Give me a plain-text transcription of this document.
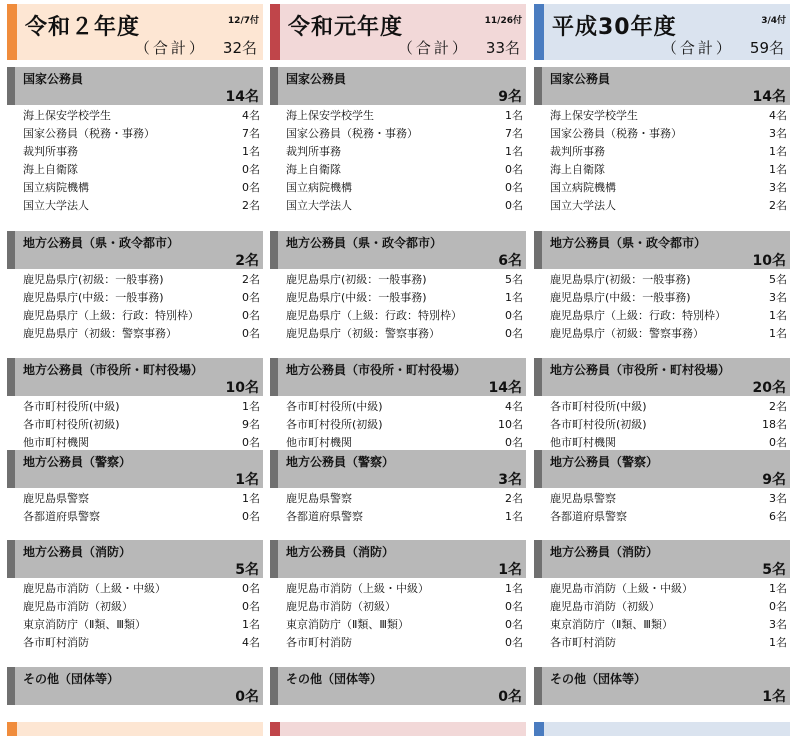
令和２年度	12/7付
（合計） 32名
国家公務員
14名
海上保安学校学生	4名
国家公務員（税務・事務）	7名
裁判所事務	1名
海上自衛隊	0名
国立病院機構	0名
国立大学法人	2名
地方公務員（県・政令都市）
2名
鹿児島県庁(初級：一般事務)	2名
鹿児島県庁(中級：一般事務)	0名
鹿児島県庁（上級：行政：特別枠）	0名
鹿児島県庁（初級：警察事務）	0名
地方公務員（市役所・町村役場）
10名
各市町村役所(中級)	1名
各市町村役所(初級)	9名
他市町村機関	0名
地方公務員（警察）
1名
鹿児島県警察	1名
各都道府県警察	0名
地方公務員（消防）
5名
鹿児島市消防（上級・中級）	0名
鹿児島市消防（初級）	0名
東京消防庁（Ⅱ類、Ⅲ類）	1名
各市町村消防	4名
その他（団体等）
0名
令和元年度	11/26付
（合計） 33名
国家公務員
9名
海上保安学校学生	1名
国家公務員（税務・事務）	7名
裁判所事務	1名
海上自衛隊	0名
国立病院機構	0名
国立大学法人	0名
地方公務員（県・政令都市）
6名
鹿児島県庁(初級：一般事務)	5名
鹿児島県庁(中級：一般事務)	1名
鹿児島県庁（上級：行政：特別枠）	0名
鹿児島県庁（初級：警察事務）	0名
地方公務員（市役所・町村役場）
14名
各市町村役所(中級)	4名
各市町村役所(初級)	10名
他市町村機関	0名
地方公務員（警察）
3名
鹿児島県警察	2名
各都道府県警察	1名
地方公務員（消防）
1名
鹿児島市消防（上級・中級）	1名
鹿児島市消防（初級）	0名
東京消防庁（Ⅱ類、Ⅲ類）	0名
各市町村消防	0名
その他（団体等）
0名
平成30年度	3/4付
（合計） 59名
国家公務員
14名
海上保安学校学生	4名
国家公務員（税務・事務）	3名
裁判所事務	1名
海上自衛隊	1名
国立病院機構	3名
国立大学法人	2名
地方公務員（県・政令都市）
10名
鹿児島県庁(初級：一般事務)	5名
鹿児島県庁(中級：一般事務)	3名
鹿児島県庁（上級：行政：特別枠）	1名
鹿児島県庁（初級：警察事務）	1名
地方公務員（市役所・町村役場）
20名
各市町村役所(中級)	2名
各市町村役所(初級)	18名
他市町村機関	0名
地方公務員（警察）
9名
鹿児島県警察	3名
各都道府県警察	6名
地方公務員（消防）
5名
鹿児島市消防（上級・中級）	1名
鹿児島市消防（初級）	0名
東京消防庁（Ⅱ類、Ⅲ類）	3名
各市町村消防	1名
その他（団体等）
1名
